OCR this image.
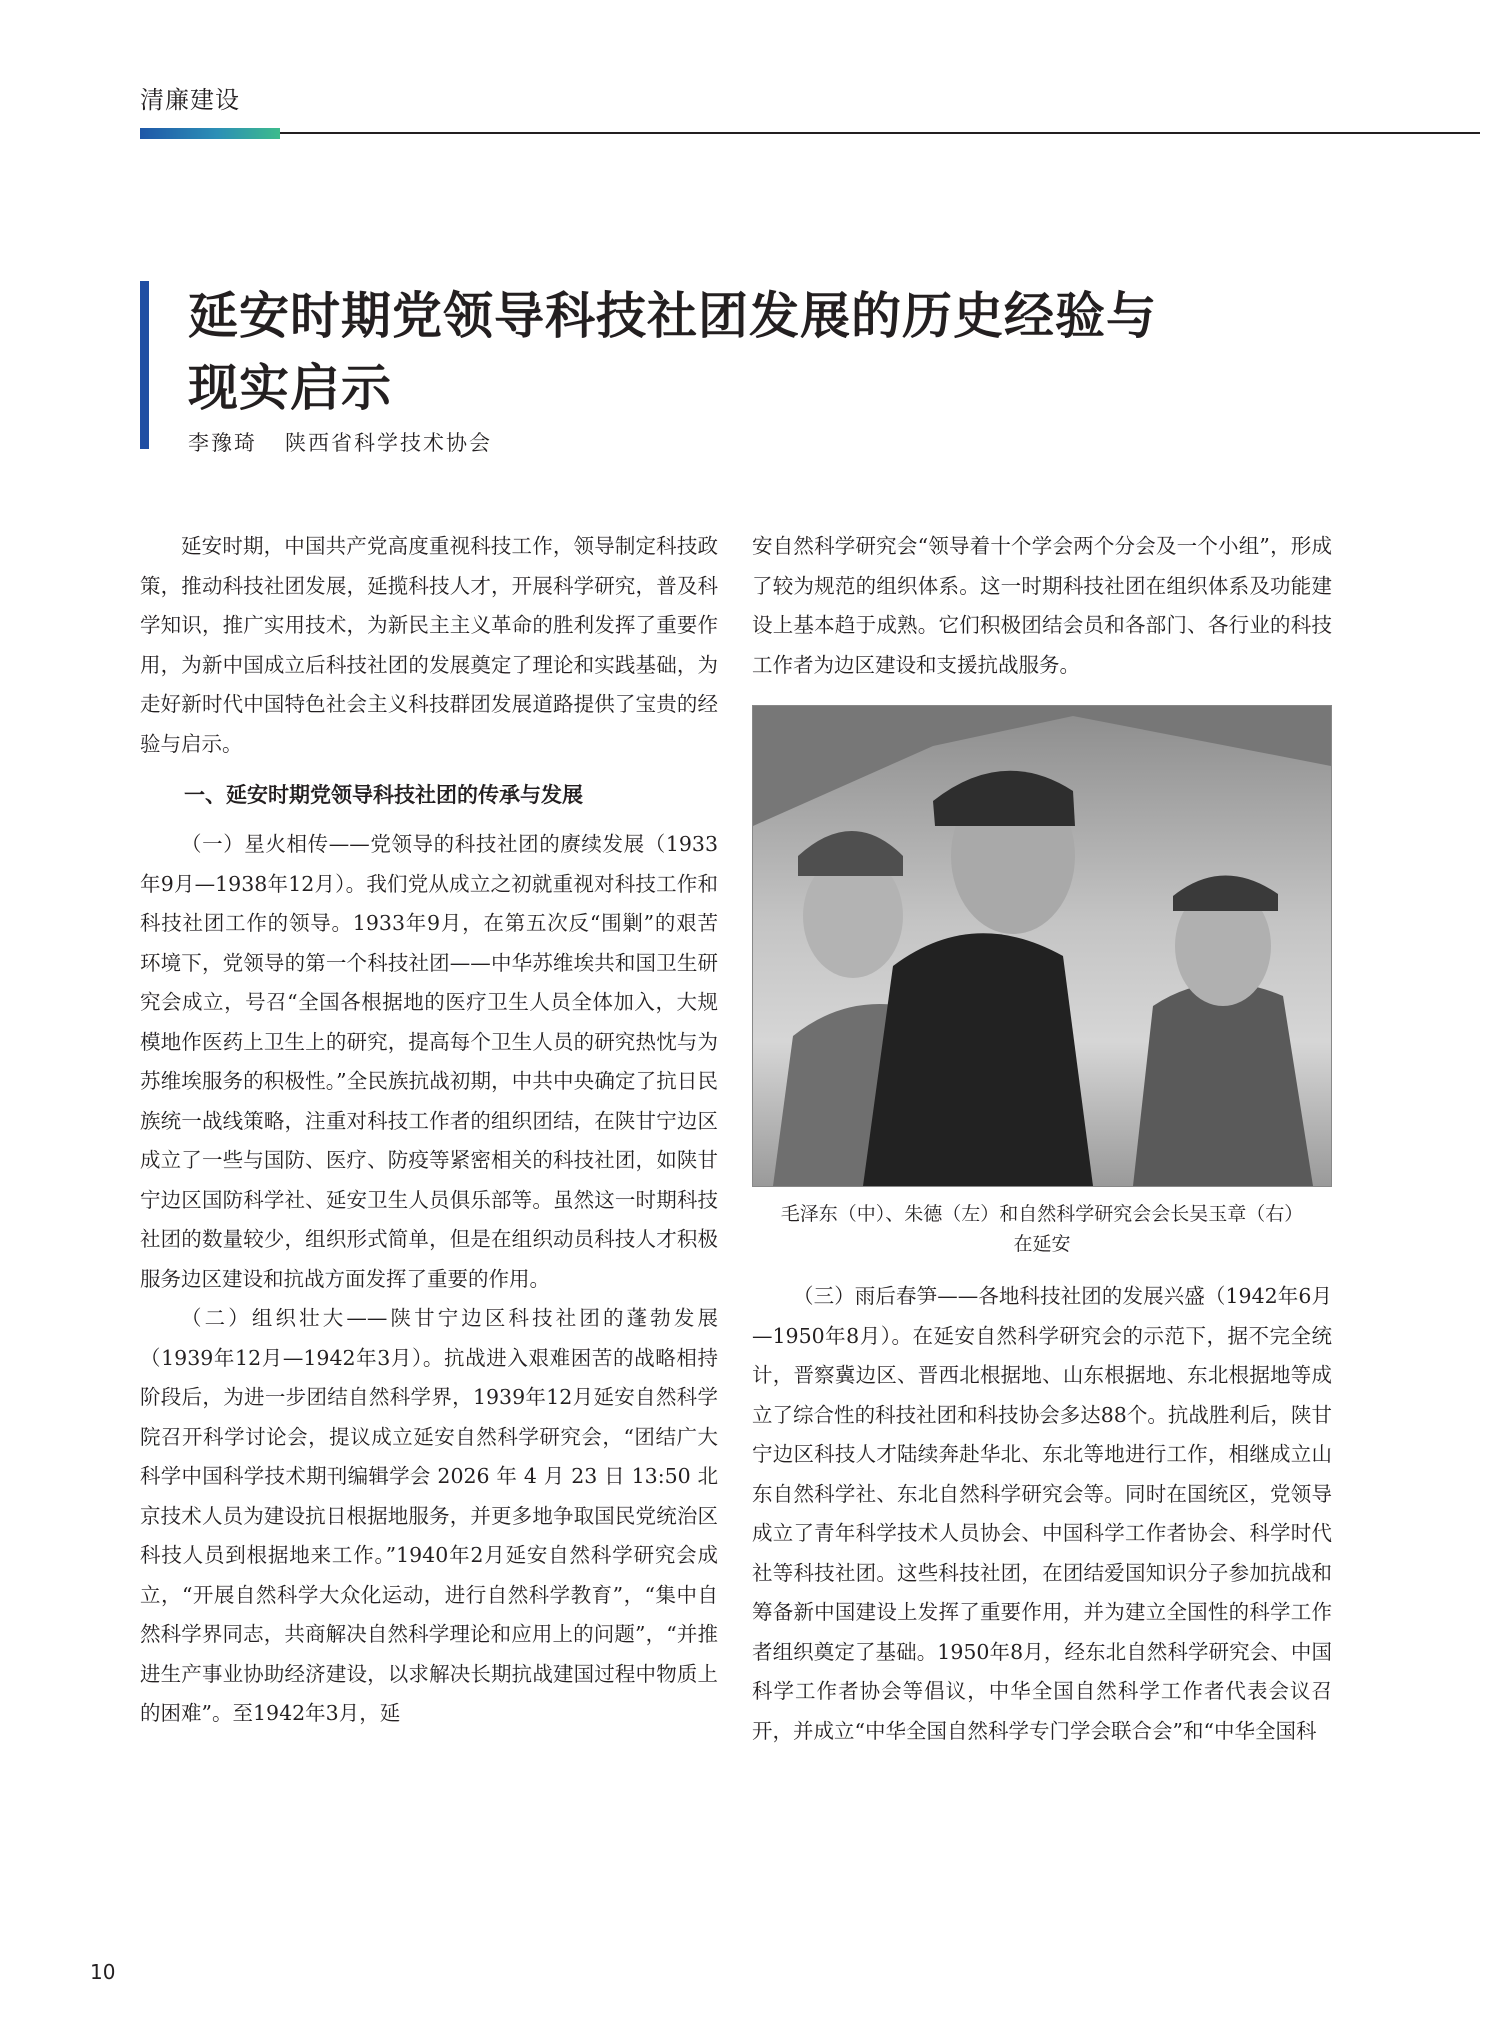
清廉建设
延安时期党领导科技社团发展的历史经验与
现实启示
李豫琦 陕西省科学技术协会

延安时期，中国共产党高度重视科技工作，领导制定科技政策，推动科技社团发展，延揽科技人才，开展科学研究，普及科学知识，推广实用技术，为新民主主义革命的胜利发挥了重要作用，为新中国成立后科技社团的发展奠定了理论和实践基础，为走好新时代中国特色社会主义科技群团发展道路提供了宝贵的经验与启示。

一、延安时期党领导科技社团的传承与发展

（一）星火相传——党领导的科技社团的赓续发展（1933年9月—1938年12月）。我们党从成立之初就重视对科技工作和科技社团工作的领导。1933年9月，在第五次反“围剿”的艰苦环境下，党领导的第一个科技社团——中华苏维埃共和国卫生研究会成立，号召“全国各根据地的医疗卫生人员全体加入，大规模地作医药上卫生上的研究，提高每个卫生人员的研究热忱与为苏维埃服务的积极性。”全民族抗战初期，中共中央确定了抗日民族统一战线策略，注重对科技工作者的组织团结，在陕甘宁边区成立了一些与国防、医疗、防疫等紧密相关的科技社团，如陕甘宁边区国防科学社、延安卫生人员俱乐部等。虽然这一时期科技社团的数量较少，组织形式简单，但是在组织动员科技人才积极服务边区建设和抗战方面发挥了重要的作用。

（二）组织壮大——陕甘宁边区科技社团的蓬勃发展（1939年12月—1942年3月）。抗战进入艰难困苦的战略相持阶段后，为进一步团结自然科学界，1939年12月延安自然科学院召开科学讨论会，提议成立延安自然科学研究会，“团结广大科学中国科学技术期刊编辑学会 2026 年 4 月 23 日 13:50 北京技术人员为建设抗日根据地服务，并更多地争取国民党统治区科技人员到根据地来工作。”1940年2月延安自然科学研究会成立，“开展自然科学大众化运动，进行自然科学教育”，“集中自然科学界同志，共商解决自然科学理论和应用上的问题”，“并推进生产事业协助经济建设，以求解决长期抗战建国过程中物质上的困难”。至1942年3月，延

安自然科学研究会“领导着十个学会两个分会及一个小组”，形成了较为规范的组织体系。这一时期科技社团在组织体系及功能建设上基本趋于成熟。它们积极团结会员和各部门、各行业的科技工作者为边区建设和支援抗战服务。

毛泽东（中）、朱德（左）和自然科学研究会会长吴玉章（右）
在延安

（三）雨后春笋——各地科技社团的发展兴盛（1942年6月—1950年8月）。在延安自然科学研究会的示范下，据不完全统计，晋察冀边区、晋西北根据地、山东根据地、东北根据地等成立了综合性的科技社团和科技协会多达88个。抗战胜利后，陕甘宁边区科技人才陆续奔赴华北、东北等地进行工作，相继成立山东自然科学社、东北自然科学研究会等。同时在国统区，党领导成立了青年科学技术人员协会、中国科学工作者协会、科学时代社等科技社团。这些科技社团，在团结爱国知识分子参加抗战和筹备新中国建设上发挥了重要作用，并为建立全国性的科学工作者组织奠定了基础。1950年8月，经东北自然科学研究会、中国科学工作者协会等倡议，中华全国自然科学工作者代表会议召开，并成立“中华全国自然科学专门学会联合会”和“中华全国科

10
